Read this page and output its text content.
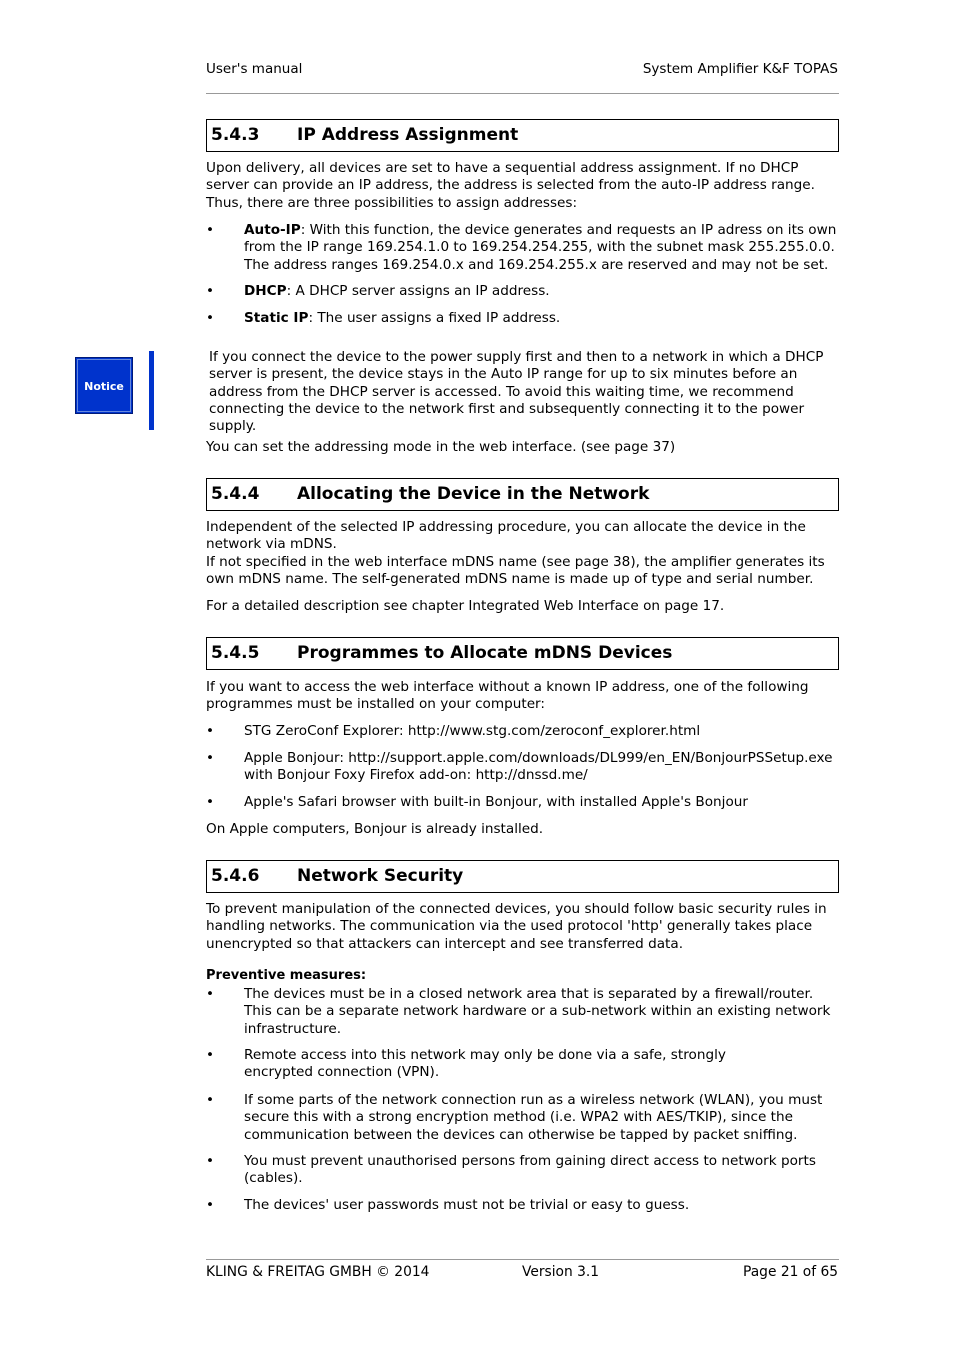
User's manual	System Amplifier K&F TOPAS
5.4.3 IP Address Assignment

Upon delivery, all devices are set to have a sequential address assignment. If no DHCP server can provide an IP address, the address is selected from the auto-IP address range. Thus, there are three possibilities to assign addresses:

• Auto-IP: With this function, the device generates and requests an IP adress on its own from the IP range 169.254.1.0 to 169.254.254.255, with the subnet mask 255.255.0.0. The address ranges 169.254.0.x and 169.254.255.x are reserved and may not be set.
• DHCP: A DHCP server assigns an IP address.
• Static IP: The user assigns a fixed IP address.
Notice

If you connect the device to the power supply first and then to a network in which a DHCP server is present, the device stays in the Auto IP range for up to six minutes before an address from the DHCP server is accessed. To avoid this waiting time, we recommend connecting the device to the network first and subsequently connecting it to the power supply.

You can set the addressing mode in the web interface. (see page 37)

5.4.4 Allocating the Device in the Network

Independent of the selected IP addressing procedure, you can allocate the device in the network via mDNS.

If not specified in the web interface mDNS name (see page 38), the amplifier generates its own mDNS name. The self-generated mDNS name is made up of type and serial number.

For a detailed description see chapter Integrated Web Interface on page 17.

5.4.5 Programmes to Allocate mDNS Devices

If you want to access the web interface without a known IP address, one of the following programmes must be installed on your computer:

• STG ZeroConf Explorer: http://www.stg.com/zeroconf_explorer.html
• Apple Bonjour: http://support.apple.com/downloads/DL999/en_EN/BonjourPSSetup.exe with Bonjour Foxy Firefox add-on: http://dnssd.me/
• Apple's Safari browser with built-in Bonjour, with installed Apple's Bonjour

On Apple computers, Bonjour is already installed.

5.4.6 Network Security

To prevent manipulation of the connected devices, you should follow basic security rules in handling networks. The communication via the used protocol 'http' generally takes place unencrypted so that attackers can intercept and see transferred data.

Preventive measures:

• The devices must be in a closed network area that is separated by a firewall/router. This can be a separate network hardware or a sub-network within an existing network infrastructure.
• Remote access into this network may only be done via a safe, strongly encrypted connection (VPN).
• If some parts of the network connection run as a wireless network (WLAN), you must secure this with a strong encryption method (i.e. WPA2 with AES/TKIP), since the communication between the devices can otherwise be tapped by packet sniffing.
• You must prevent unauthorised persons from gaining direct access to network ports (cables).
• The devices' user passwords must not be trivial or easy to guess.
KLING & FREITAG GMBH © 2014	Version 3.1	Page 21 of 65
